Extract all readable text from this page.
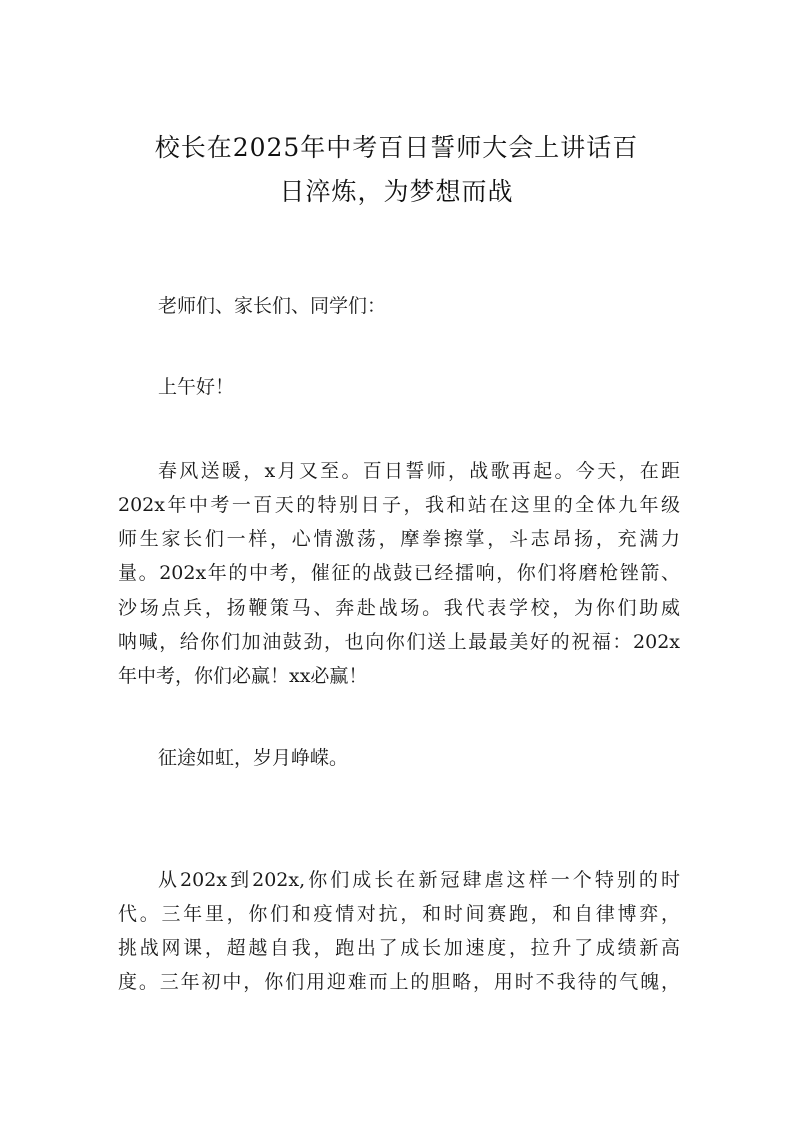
校长在2025年中考百日誓师大会上讲话百
日淬炼，为梦想而战
老师们、家长们、同学们：
上午好！
春风送暖，x月又至。百日誓师，战歌再起。今天，在距
202x年中考一百天的特别日子，我和站在这里的全体九年级
师生家长们一样，心情激荡，摩拳擦掌，斗志昂扬，充满力
量。202x年的中考，催征的战鼓已经擂响，你们将磨枪锉箭、
沙场点兵，扬鞭策马、奔赴战场。我代表学校，为你们助威
呐喊，给你们加油鼓劲，也向你们送上最最美好的祝福：202x
年中考，你们必赢！xx必赢！
征途如虹，岁月峥嵘。
从202x到202x,你们成长在新冠肆虐这样一个特别的时
代。三年里，你们和疫情对抗，和时间赛跑，和自律博弈，
挑战网课，超越自我，跑出了成长加速度，拉升了成绩新高
度。三年初中，你们用迎难而上的胆略，用时不我待的气魄，
